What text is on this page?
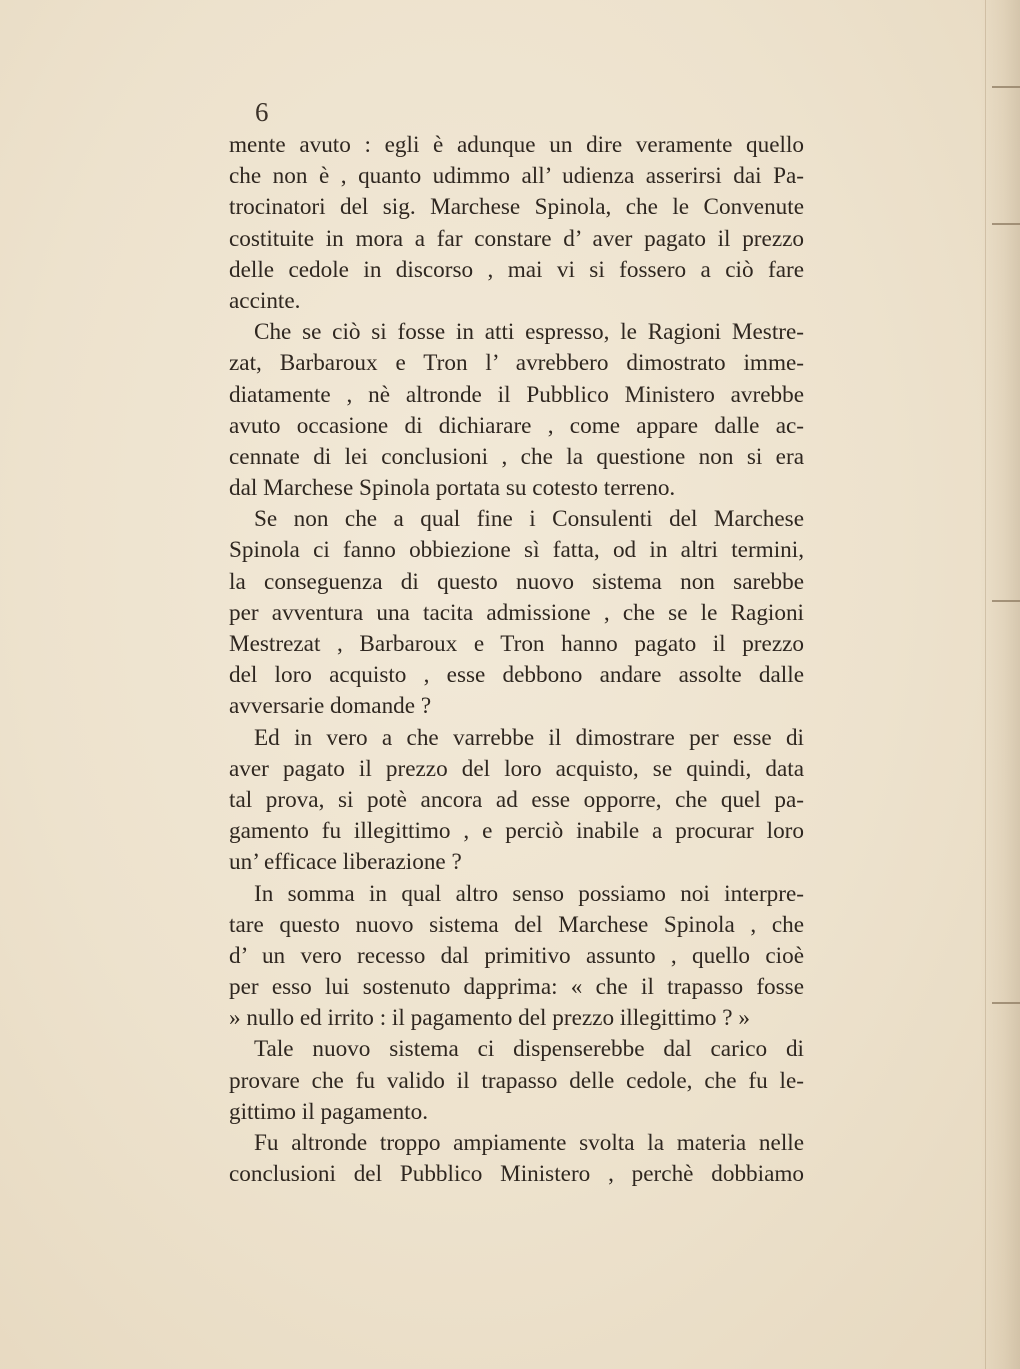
6
mente avuto : egli è adunque un dire veramente quello
che non è , quanto udimmo all’ udienza asserirsi dai Pa-
trocinatori del sig. Marchese Spinola, che le Convenute
costituite in mora a far constare d’ aver pagato il prezzo
delle cedole in discorso , mai vi si fossero a ciò fare
accinte.
Che se ciò si fosse in atti espresso, le Ragioni Mestre-
zat, Barbaroux e Tron l’ avrebbero dimostrato imme-
diatamente , nè altronde il Pubblico Ministero avrebbe
avuto occasione di dichiarare , come appare dalle ac-
cennate di lei conclusioni , che la questione non si era
dal Marchese Spinola portata su cotesto terreno.
Se non che a qual fine i Consulenti del Marchese
Spinola ci fanno obbiezione sì fatta, od in altri termini,
la conseguenza di questo nuovo sistema non sarebbe
per avventura una tacita admissione , che se le Ragioni
Mestrezat , Barbaroux e Tron hanno pagato il prezzo
del loro acquisto , esse debbono andare assolte dalle
avversarie domande ?
Ed in vero a che varrebbe il dimostrare per esse di
aver pagato il prezzo del loro acquisto, se quindi, data
tal prova, si potè ancora ad esse opporre, che quel pa-
gamento fu illegittimo , e perciò inabile a procurar loro
un’ efficace liberazione ?
In somma in qual altro senso possiamo noi interpre-
tare questo nuovo sistema del Marchese Spinola , che
d’ un vero recesso dal primitivo assunto , quello cioè
per esso lui sostenuto dapprima: « che il trapasso fosse
» nullo ed irrito : il pagamento del prezzo illegittimo ? »
Tale nuovo sistema ci dispenserebbe dal carico di
provare che fu valido il trapasso delle cedole, che fu le-
gittimo il pagamento.
Fu altronde troppo ampiamente svolta la materia nelle
conclusioni del Pubblico Ministero , perchè dobbiamo
